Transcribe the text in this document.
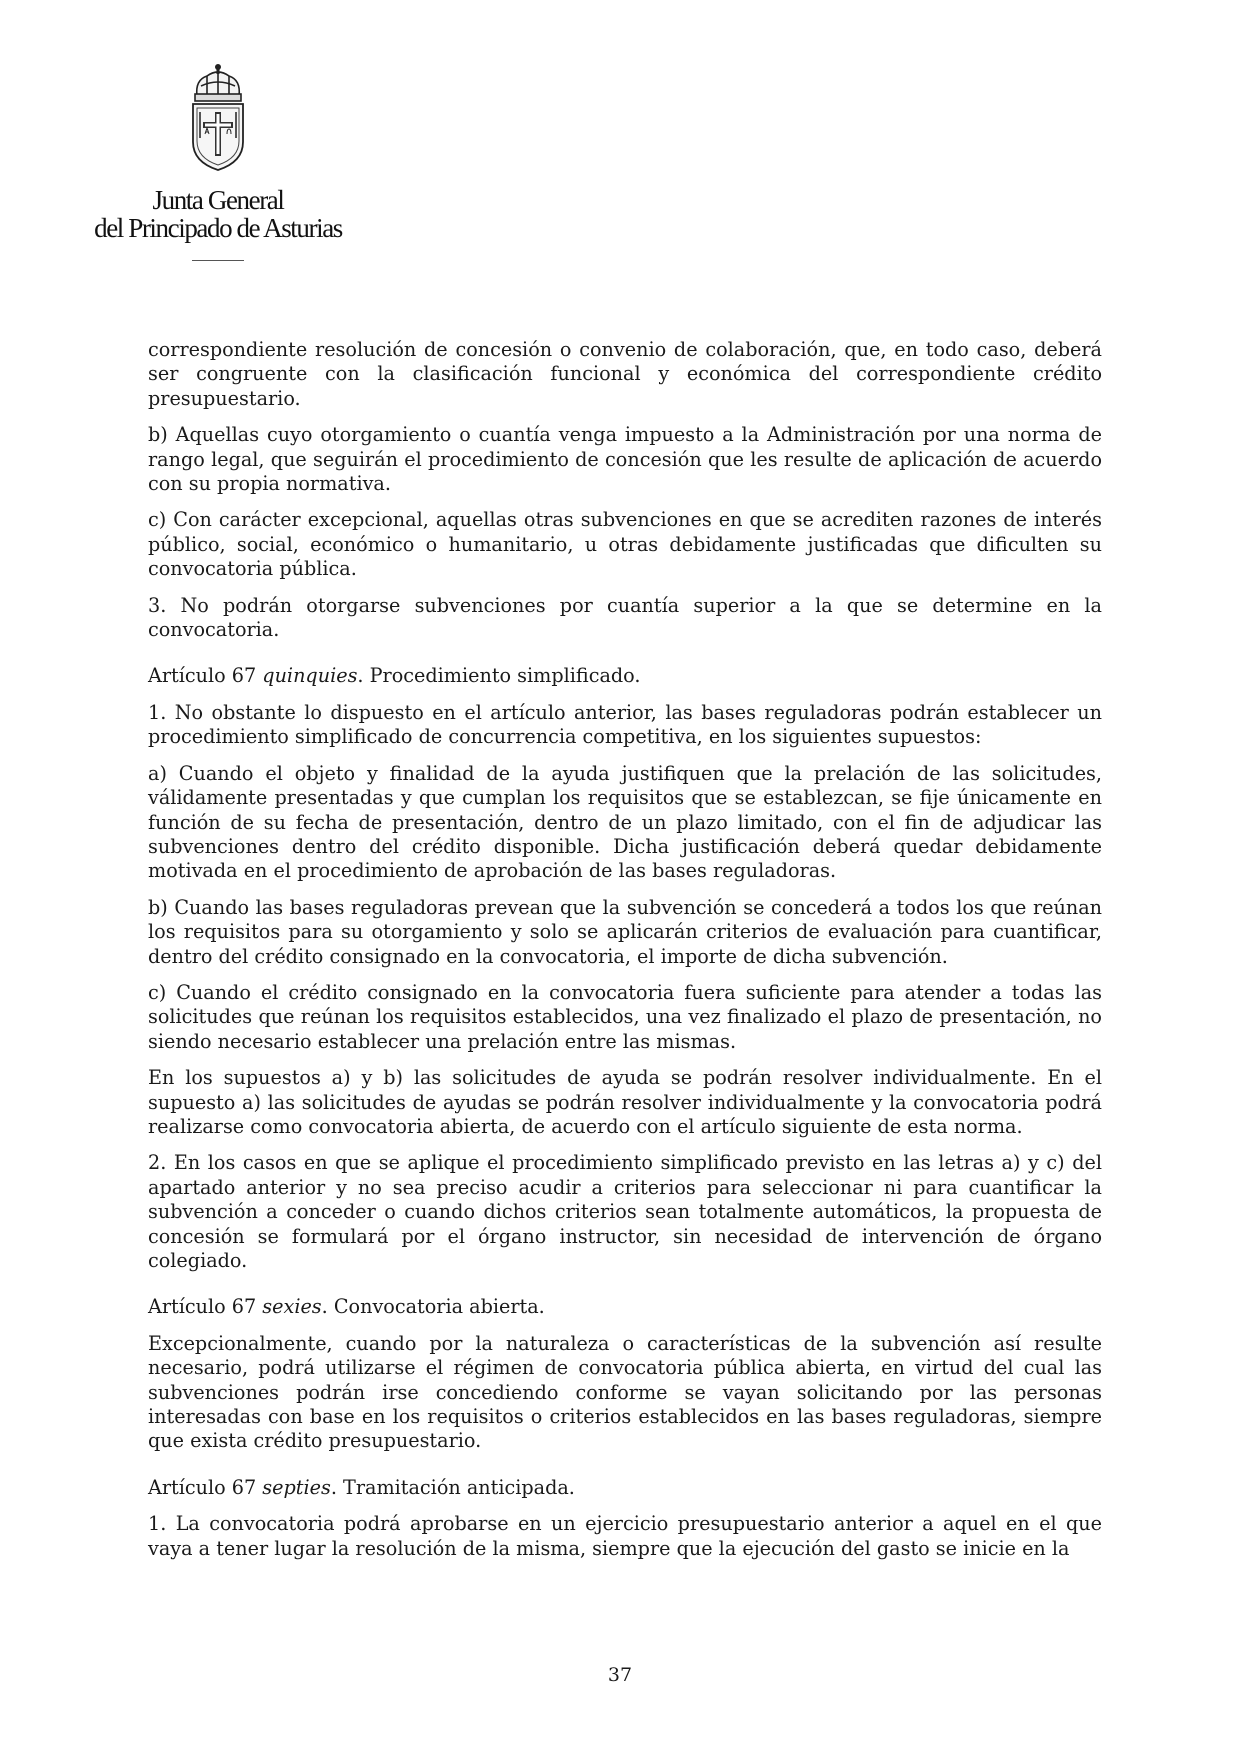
Junta General
del Principado de Asturias

correspondiente resolución de concesión o convenio de colaboración, que, en todo caso, deberá ser congruente con la clasificación funcional y económica del correspondiente crédito presupuestario.

b) Aquellas cuyo otorgamiento o cuantía venga impuesto a la Administración por una norma de rango legal, que seguirán el procedimiento de concesión que les resulte de aplicación de acuerdo con su propia normativa.

c) Con carácter excepcional, aquellas otras subvenciones en que se acrediten razones de interés público, social, económico o humanitario, u otras debidamente justificadas que dificulten su convocatoria pública.

3. No podrán otorgarse subvenciones por cuantía superior a la que se determine en la convocatoria.

Artículo 67 quinquies. Procedimiento simplificado.

1. No obstante lo dispuesto en el artículo anterior, las bases reguladoras podrán establecer un procedimiento simplificado de concurrencia competitiva, en los siguientes supuestos:

a) Cuando el objeto y finalidad de la ayuda justifiquen que la prelación de las solicitudes, válidamente presentadas y que cumplan los requisitos que se establezcan, se fije únicamente en función de su fecha de presentación, dentro de un plazo limitado, con el fin de adjudicar las subvenciones dentro del crédito disponible. Dicha justificación deberá quedar debidamente motivada en el procedimiento de aprobación de las bases reguladoras.

b) Cuando las bases reguladoras prevean que la subvención se concederá a todos los que reúnan los requisitos para su otorgamiento y solo se aplicarán criterios de evaluación para cuantificar, dentro del crédito consignado en la convocatoria, el importe de dicha subvención.

c) Cuando el crédito consignado en la convocatoria fuera suficiente para atender a todas las solicitudes que reúnan los requisitos establecidos, una vez finalizado el plazo de presentación, no siendo necesario establecer una prelación entre las mismas.

En los supuestos a) y b) las solicitudes de ayuda se podrán resolver individualmente. En el supuesto a) las solicitudes de ayudas se podrán resolver individualmente y la convocatoria podrá realizarse como convocatoria abierta, de acuerdo con el artículo siguiente de esta norma.

2. En los casos en que se aplique el procedimiento simplificado previsto en las letras a) y c) del apartado anterior y no sea preciso acudir a criterios para seleccionar ni para cuantificar la subvención a conceder o cuando dichos criterios sean totalmente automáticos, la propuesta de concesión se formulará por el órgano instructor, sin necesidad de intervención de órgano colegiado.

Artículo 67 sexies. Convocatoria abierta.

Excepcionalmente, cuando por la naturaleza o características de la subvención así resulte necesario, podrá utilizarse el régimen de convocatoria pública abierta, en virtud del cual las subvenciones podrán irse concediendo conforme se vayan solicitando por las personas interesadas con base en los requisitos o criterios establecidos en las bases reguladoras, siempre que exista crédito presupuestario.

Artículo 67 septies. Tramitación anticipada.

1. La convocatoria podrá aprobarse en un ejercicio presupuestario anterior a aquel en el que vaya a tener lugar la resolución de la misma, siempre que la ejecución del gasto se inicie en la

37
